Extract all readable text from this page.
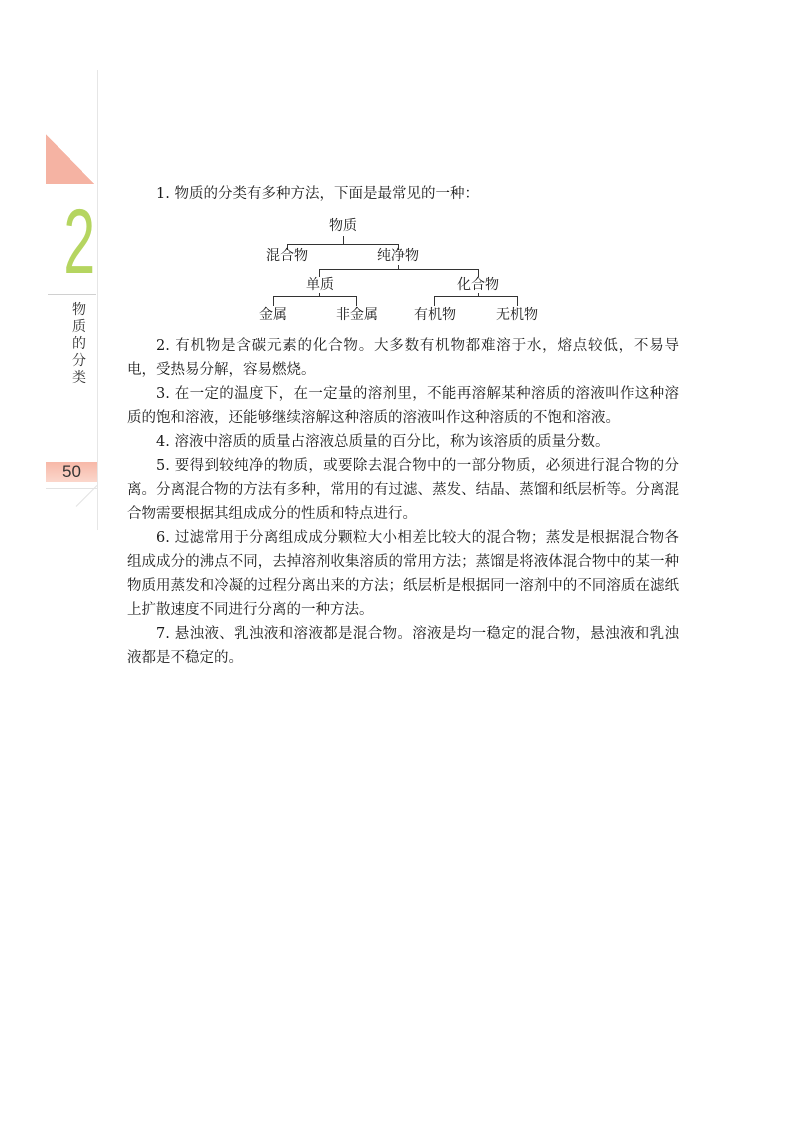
2
物质的分类
50

1. 物质的分类有多种方法，下面是最常见的一种：

物质
混合物	纯净物
单质	化合物
金属	非金属	有机物	无机物

2. 有机物是含碳元素的化合物。大多数有机物都难溶于水，熔点较低，不易导电，受热易分解，容易燃烧。

3. 在一定的温度下，在一定量的溶剂里，不能再溶解某种溶质的溶液叫作这种溶质的饱和溶液，还能够继续溶解这种溶质的溶液叫作这种溶质的不饱和溶液。

4. 溶液中溶质的质量占溶液总质量的百分比，称为该溶质的质量分数。

5. 要得到较纯净的物质，或要除去混合物中的一部分物质，必须进行混合物的分离。分离混合物的方法有多种，常用的有过滤、蒸发、结晶、蒸馏和纸层析等。分离混合物需要根据其组成成分的性质和特点进行。

6. 过滤常用于分离组成成分颗粒大小相差比较大的混合物；蒸发是根据混合物各组成成分的沸点不同，去掉溶剂收集溶质的常用方法；蒸馏是将液体混合物中的某一种物质用蒸发和冷凝的过程分离出来的方法；纸层析是根据同一溶剂中的不同溶质在滤纸上扩散速度不同进行分离的一种方法。

7. 悬浊液、乳浊液和溶液都是混合物。溶液是均一稳定的混合物，悬浊液和乳浊液都是不稳定的。
